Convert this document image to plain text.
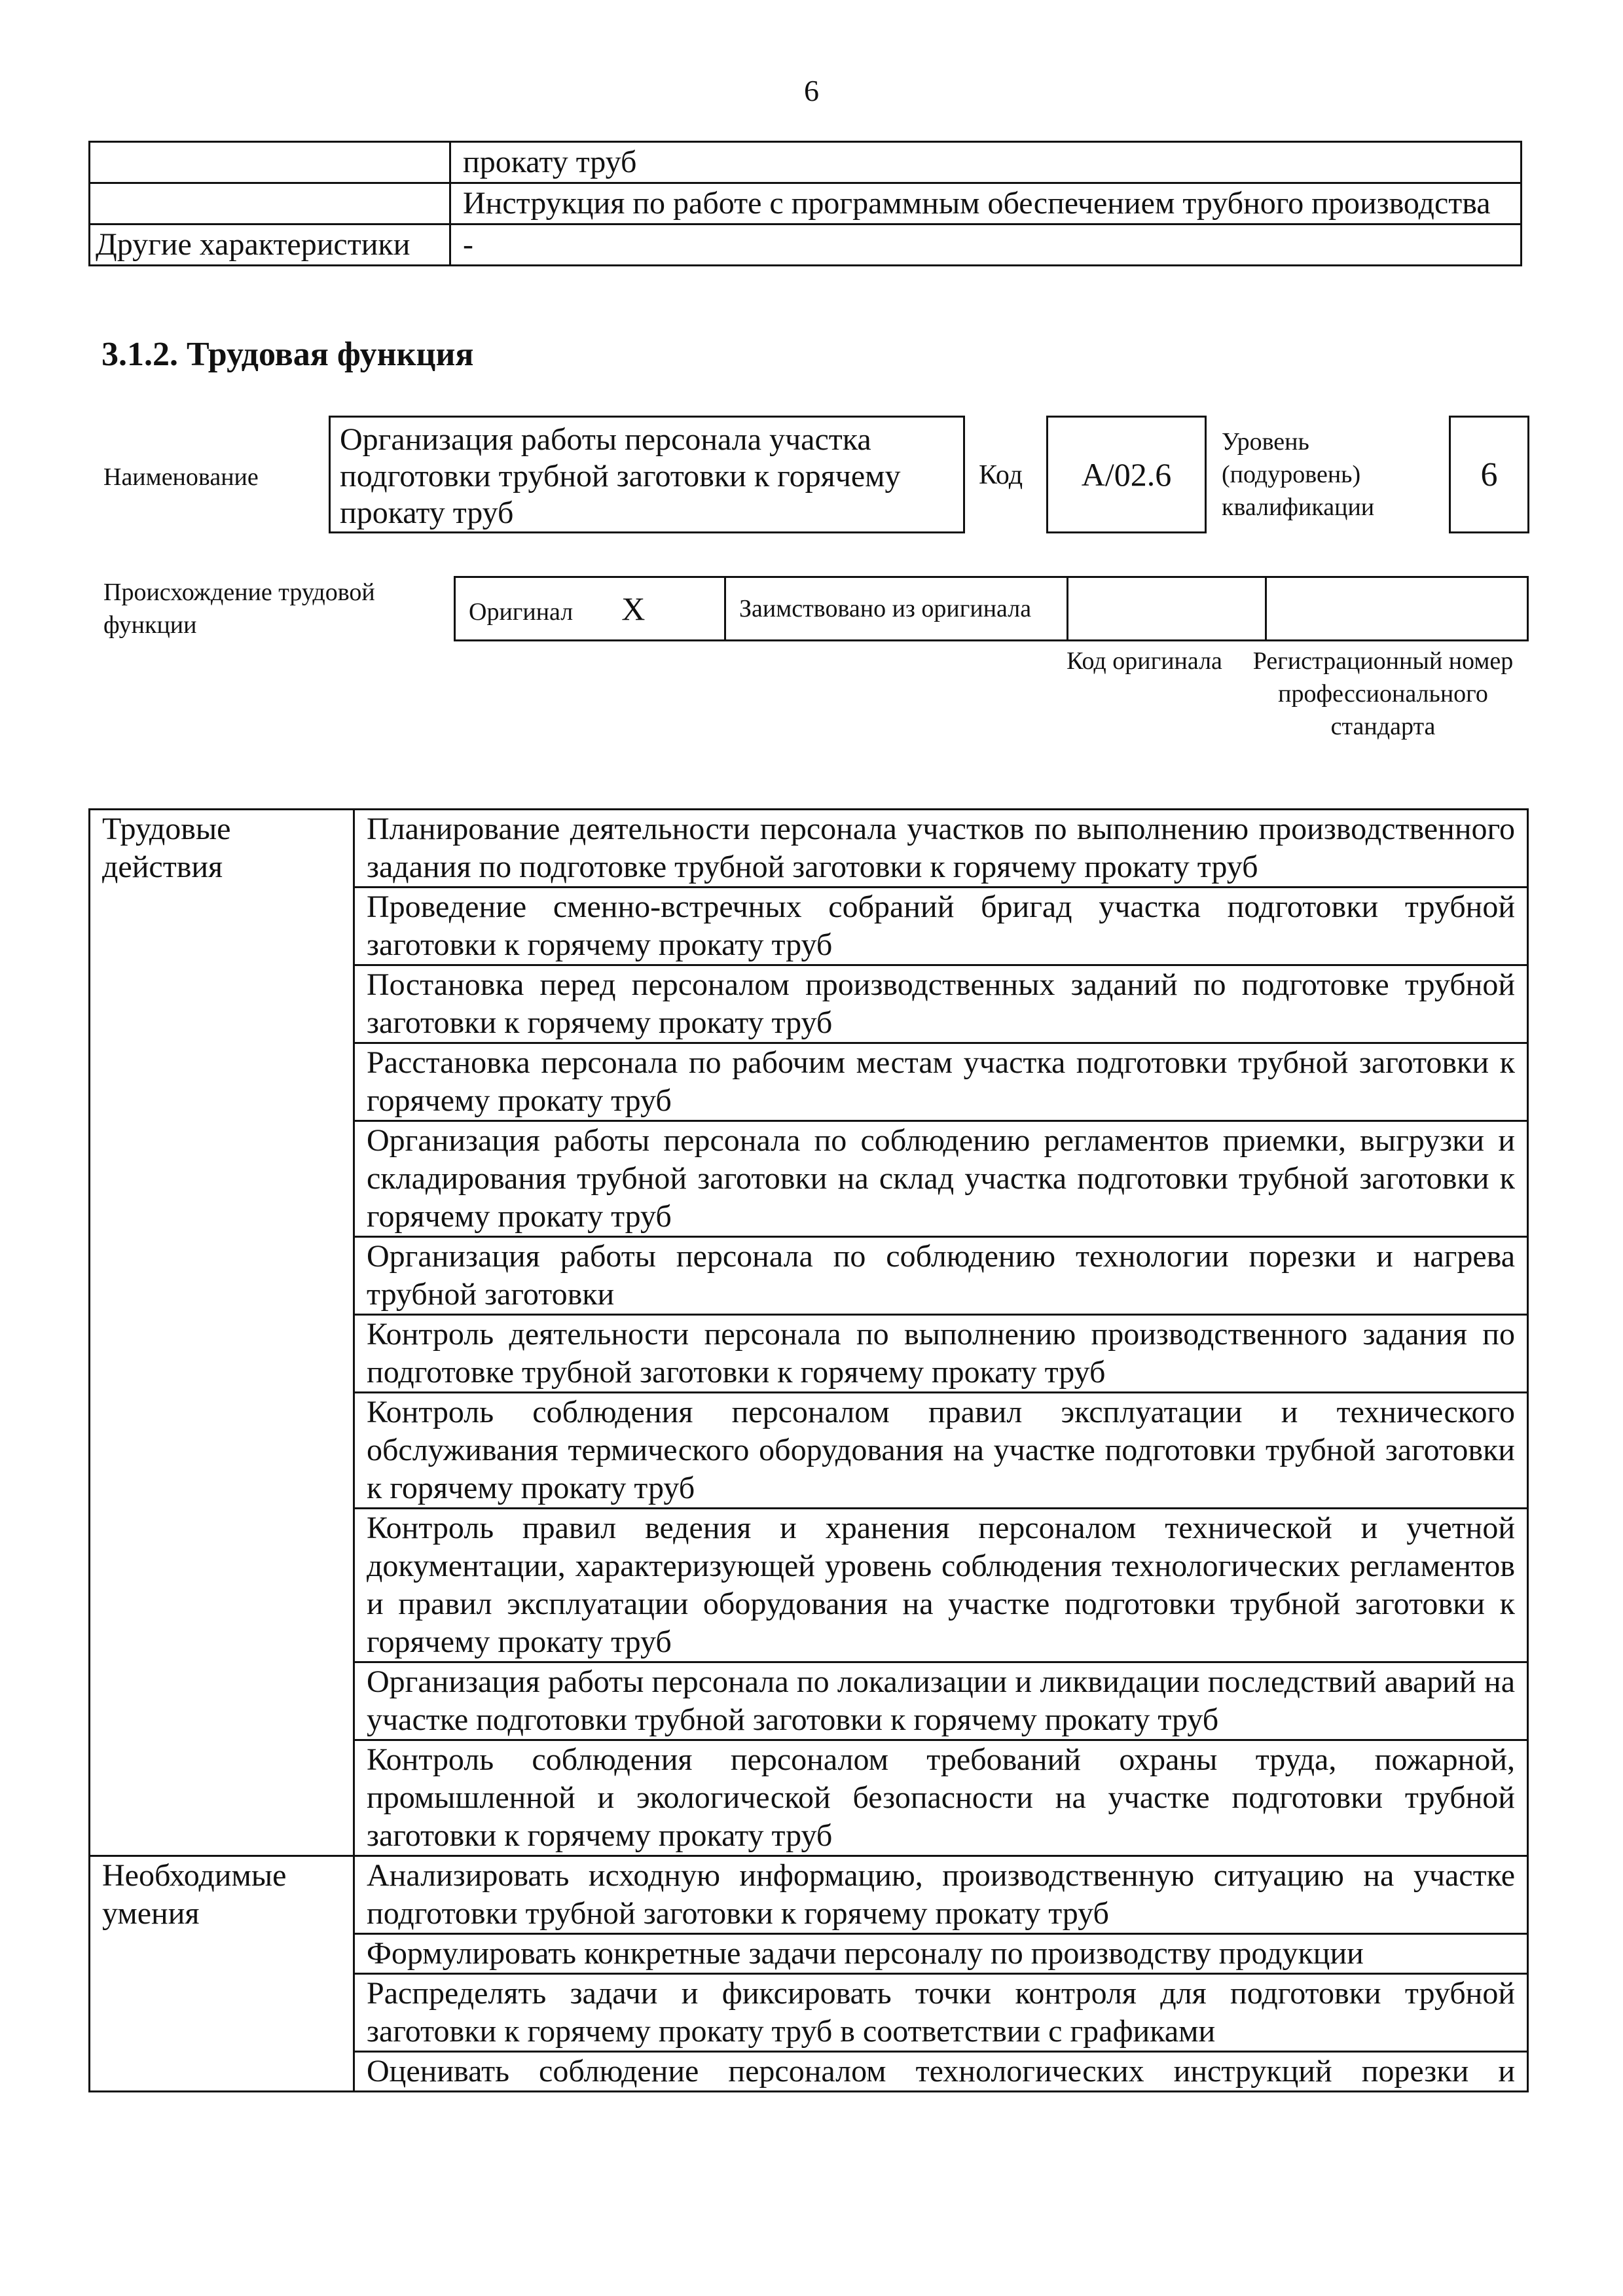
6
	прокату труб
	Инструкция по работе с программным обеспечением трубного производства
Другие характеристики	-
3.1.2. Трудовая функция
Наименование
Организация работы персонала участка подготовки трубной заготовки к горячему прокату труб
Код	А/02.6
Уровень (подуровень) квалификации
6
Происхождение трудовой функции	Оригинал X	Заимствовано из оригинала		
Код оригинала	Регистрационный номер профессионального стандарта
Трудовые действия	Планирование деятельности персонала участков по выполнению производственного задания по подготовке трубной заготовки к горячему прокату труб
	Проведение сменно-встречных собраний бригад участка подготовки трубной заготовки к горячему прокату труб
	Постановка перед персоналом производственных заданий по подготовке трубной заготовки к горячему прокату труб
	Расстановка персонала по рабочим местам участка подготовки трубной заготовки к горячему прокату труб
	Организация работы персонала по соблюдению регламентов приемки, выгрузки и складирования трубной заготовки на склад участка подготовки трубной заготовки к горячему прокату труб
	Организация работы персонала по соблюдению технологии порезки и нагрева трубной заготовки
	Контроль деятельности персонала по выполнению производственного задания по подготовке трубной заготовки к горячему прокату труб
	Контроль соблюдения персоналом правил эксплуатации и технического обслуживания термического оборудования на участке подготовки трубной заготовки к горячему прокату труб
	Контроль правил ведения и хранения персоналом технической и учетной документации, характеризующей уровень соблюдения технологических регламентов и правил эксплуатации оборудования на участке подготовки трубной заготовки к горячему прокату труб
	Организация работы персонала по локализации и ликвидации последствий аварий на участке подготовки трубной заготовки к горячему прокату труб
	Контроль соблюдения персоналом требований охраны труда, пожарной, промышленной и экологической безопасности на участке подготовки трубной заготовки к горячему прокату труб
Необходимые умения	Анализировать исходную информацию, производственную ситуацию на участке подготовки трубной заготовки к горячему прокату труб
	Формулировать конкретные задачи персоналу по производству продукции
	Распределять задачи и фиксировать точки контроля для подготовки трубной заготовки к горячему прокату труб в соответствии с графиками
	Оценивать соблюдение персоналом технологических инструкций порезки и
